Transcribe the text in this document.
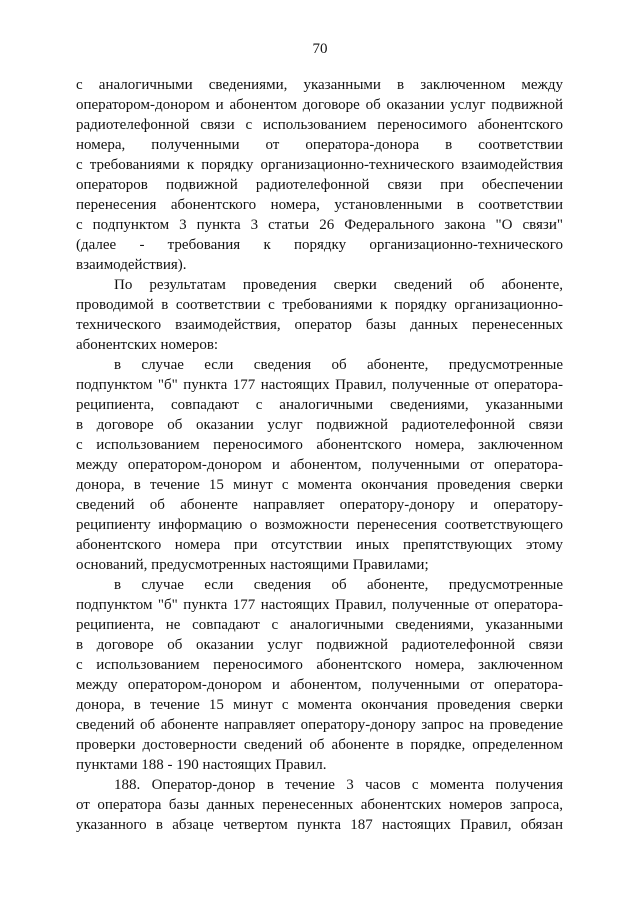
70
с аналогичными сведениями, указанными в заключенном между
оператором-донором и абонентом договоре об оказании услуг подвижной
радиотелефонной связи с использованием переносимого абонентского
номера, полученными от оператора-донора в соответствии
с требованиями к порядку организационно-технического взаимодействия
операторов подвижной радиотелефонной связи при обеспечении
перенесения абонентского номера, установленными в соответствии
с подпунктом 3 пункта 3 статьи 26 Федерального закона "О связи"
(далее - требования к порядку организационно-технического
взаимодействия).
По результатам проведения сверки сведений об абоненте,
проводимой в соответствии с требованиями к порядку организационно-
технического взаимодействия, оператор базы данных перенесенных
абонентских номеров:
в случае если сведения об абоненте, предусмотренные
подпунктом "б" пункта 177 настоящих Правил, полученные от оператора-
реципиента, совпадают с аналогичными сведениями, указанными
в договоре об оказании услуг подвижной радиотелефонной связи
с использованием переносимого абонентского номера, заключенном
между оператором-донором и абонентом, полученными от оператора-
донора, в течение 15 минут с момента окончания проведения сверки
сведений об абоненте направляет оператору-донору и оператору-
реципиенту информацию о возможности перенесения соответствующего
абонентского номера при отсутствии иных препятствующих этому
оснований, предусмотренных настоящими Правилами;
в случае если сведения об абоненте, предусмотренные
подпунктом "б" пункта 177 настоящих Правил, полученные от оператора-
реципиента, не совпадают с аналогичными сведениями, указанными
в договоре об оказании услуг подвижной радиотелефонной связи
с использованием переносимого абонентского номера, заключенном
между оператором-донором и абонентом, полученными от оператора-
донора, в течение 15 минут с момента окончания проведения сверки
сведений об абоненте направляет оператору-донору запрос на проведение
проверки достоверности сведений об абоненте в порядке, определенном
пунктами 188 - 190 настоящих Правил.
188. Оператор-донор в течение 3 часов с момента получения
от оператора базы данных перенесенных абонентских номеров запроса,
указанного в абзаце четвертом пункта 187 настоящих Правил, обязан
